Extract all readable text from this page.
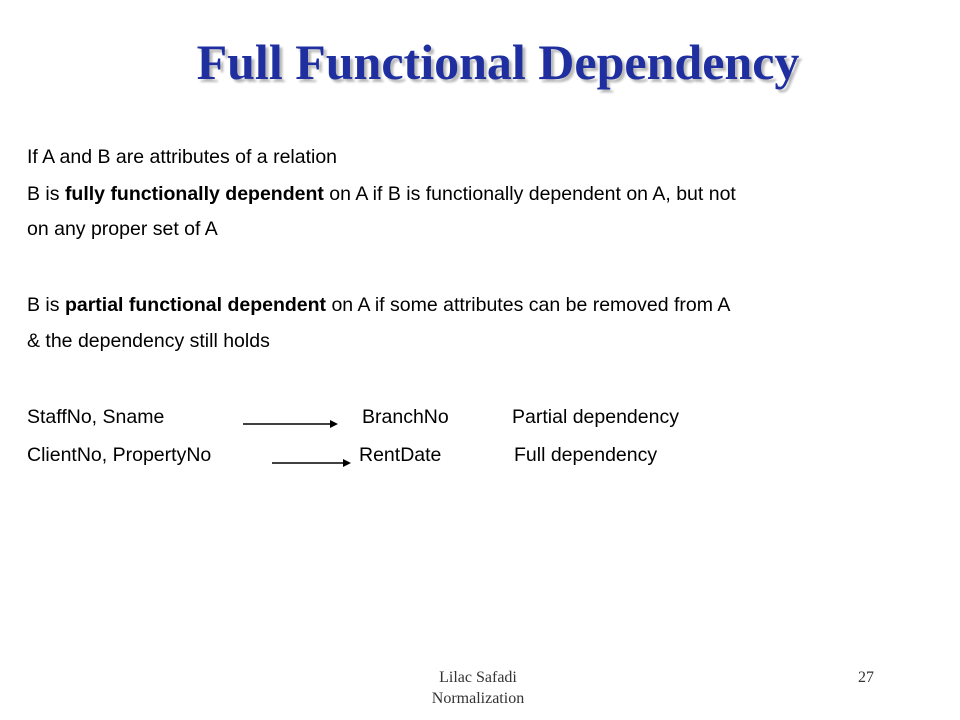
Full Functional Dependency
If A and B are attributes of a relation
B is fully functionally dependent on A if B is functionally dependent on A, but not
on any proper set of A
B is partial functional dependent on A if some attributes can be removed from A
& the dependency still holds
StaffNo, Sname	BranchNo	Partial dependency
ClientNo, PropertyNo	RentDate	Full dependency
Lilac Safadi
Normalization
27
